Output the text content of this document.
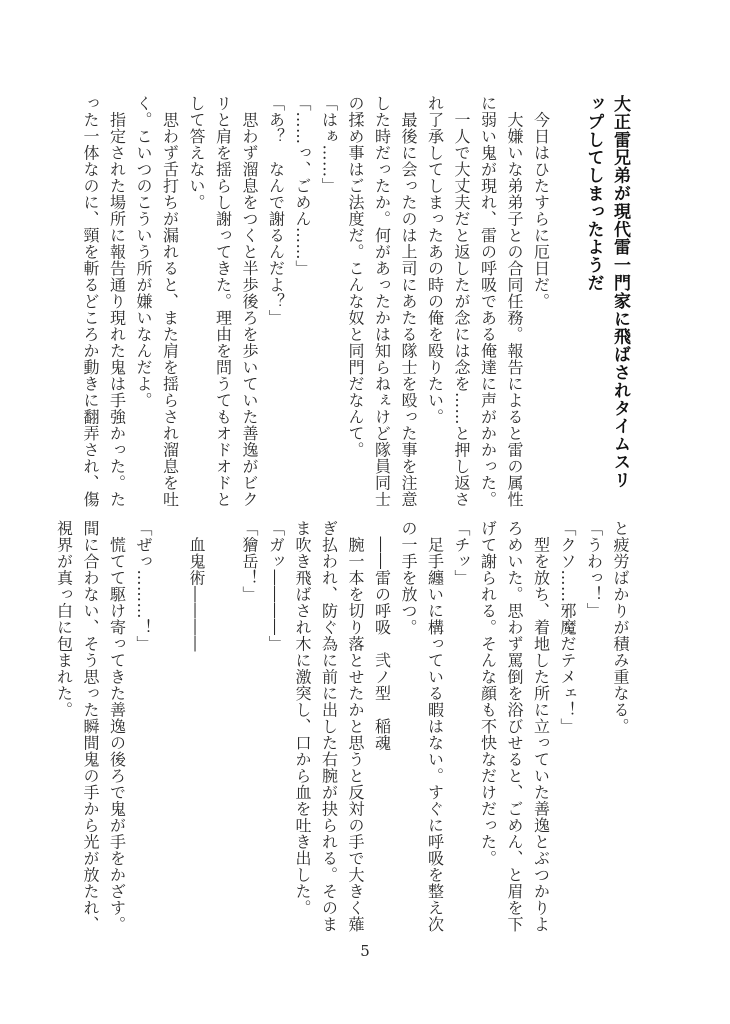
大正雷兄弟が現代雷一門家に飛ばされタイムスリ
ップしてしまったようだ
　今日はひたすらに厄日だ。
　大嫌いな弟弟子との合同任務。報告によると雷の属性
に弱い鬼が現れ、雷の呼吸である俺達に声がかかった。
　一人で大丈夫だと返したが念には念を……と押し返さ
れ了承してしまったあの時の俺を殴りたい。
　最後に会ったのは上司にあたる隊士を殴った事を注意
した時だったか。何があったかは知らねぇけど隊員同士
の揉め事はご法度だ。こんな奴と同門だなんて。
「はぁ……」
「……っ、ごめん……」
「あ？　なんで謝るんだよ？」
　思わず溜息をつくと半歩後ろを歩いていた善逸がビク
リと肩を揺らし謝ってきた。理由を問うてもオドオドと
して答えない。
　思わず舌打ちが漏れると、また肩を揺らされ溜息を吐
く。こいつのこういう所が嫌いなんだよ。
　指定された場所に報告通り現れた鬼は手強かった。た
った一体なのに、頸を斬るどころか動きに翻弄され、傷
と疲労ばかりが積み重なる。
「うわっ！」
「クソ……邪魔だテメェ！」
　型を放ち、着地した所に立っていた善逸とぶつかりよ
ろめいた。思わず罵倒を浴びせると、ごめん、と眉を下
げて謝られる。そんな顔も不快なだけだった。
「チッ」
　足手纏いに構っている暇はない。すぐに呼吸を整え次
の一手を放つ。
　――雷の呼吸　弐ノ型　稲魂
　腕一本を切り落とせたかと思うと反対の手で大きく薙
ぎ払われ、防ぐ為に前に出した右腕が抉られる。そのま
ま吹き飛ばされ木に激突し、口から血を吐き出した。
「ガッ――――」
「獪岳！」
　血鬼術――――
「ぜっ………！」
　慌てて駆け寄ってきた善逸の後ろで鬼が手をかざす。
間に合わない、そう思った瞬間鬼の手から光が放たれ、
視界が真っ白に包まれた。
5
